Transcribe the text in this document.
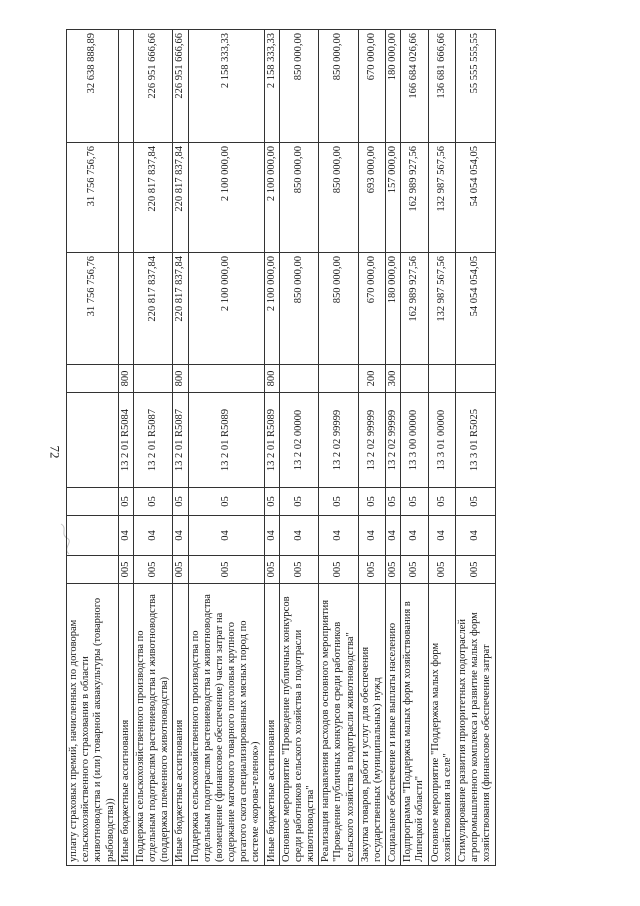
72
уплату страховых премий, начисленных по договорам сельскохозяйственного страхования в области животноводства и (или) товарной аквакультуры (товарного рыбоводства))						31 756 756,76	31 756 756,76	32 638 888,89
Иные бюджетные ассигнования	005	04	05	13 2 01 R5084	800			
Поддержка сельскохозяйственного производства по отдельным подотраслям растениеводства и животноводства (поддержка племенного животноводства)	005	04	05	13 2 01 R5087		220 817 837,84	220 817 837,84	226 951 666,66
Иные бюджетные ассигнования	005	04	05	13 2 01 R5087	800	220 817 837,84	220 817 837,84	226 951 666,66
Поддержка сельскохозяйственного производства по отдельным подотраслям растениеводства и животноводства (возмещение (финансовое обеспечение) части затрат на содержание маточного товарного поголовья крупного рогатого скота специализированных мясных пород по системе «корова-теленок»)	005	04	05	13 2 01 R5089		2 100 000,00	2 100 000,00	2 158 333,33
Иные бюджетные ассигнования	005	04	05	13 2 01 R5089	800	2 100 000,00	2 100 000,00	2 158 333,33
Основное мероприятие "Проведение публичных конкурсов среди работников сельского хозяйства в подотрасли животноводства"	005	04	05	13 2 02 00000		850 000,00	850 000,00	850 000,00
Реализация направления расходов основного мероприятия "Проведение публичных конкурсов среди работников сельского хозяйства в подотрасли животноводства"	005	04	05	13 2 02 99999		850 000,00	850 000,00	850 000,00
Закупка товаров, работ и услуг для обеспечения государственных (муниципальных) нужд	005	04	05	13 2 02 99999	200	670 000,00	693 000,00	670 000,00
Социальное обеспечение и иные выплаты населению	005	04	05	13 2 02 99999	300	180 000,00	157 000,00	180 000,00
Подпрограмма "Поддержка малых форм хозяйствования в Липецкой области"	005	04	05	13 3 00 00000		162 989 927,56	162 989 927,56	166 684 026,66
Основное мероприятие "Поддержка малых форм хозяйствования на селе"	005	04	05	13 3 01 00000		132 987 567,56	132 987 567,56	136 681 666,66
Стимулирование развития приоритетных подотраслей агропромышленного комплекса и развитие малых форм хозяйствования (финансовое обеспечение затрат	005	04	05	13 3 01 R5025		54 054 054,05	54 054 054,05	55 555 555,55
